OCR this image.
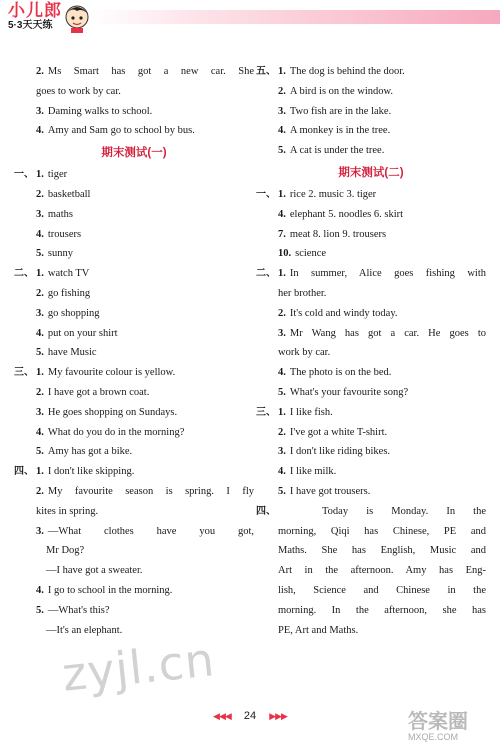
小儿郎
5·3天天练
2. Ms Smart has got a new car. She
goes to work by car.
3. Daming walks to school.
4. Amy and Sam go to school by bus.
期末测试(一)
一、 1. tiger
2. basketball
3. maths
4. trousers
5. sunny
二、 1. watch TV
2. go fishing
3. go shopping
4. put on your shirt
5. have Music
三、 1. My favourite colour is yellow.
2. I have got a brown coat.
3. He goes shopping on Sundays.
4. What do you do in the morning?
5. Amy has got a bike.
四、 1. I don't like skipping.
2. My favourite season is spring. I fly
kites in spring.
3. —What clothes have you got,
Mr Dog?
—I have got a sweater.
4. I go to school in the morning.
5. —What's this?
—It's an elephant.
五、 1. The dog is behind the door.
2. A bird is on the window.
3. Two fish are in the lake.
4. A monkey is in the tree.
5. A cat is under the tree.
期末测试(二)
一、 1. rice 2. music 3. tiger
4. elephant 5. noodles 6. skirt
7. meat 8. lion 9. trousers
10. science
二、 1. In summer, Alice goes fishing with
her brother.
2. It's cold and windy today.
3. Mr Wang has got a car. He goes to
work by car.
4. The photo is on the bed.
5. What's your favourite song?
三、 1. I like fish.
2. I've got a white T-shirt.
3. I don't like riding bikes.
4. I like milk.
5. I have got trousers.
四、	Today is Monday. In the
morning, Qiqi has Chinese, PE and
Maths. She has English, Music and
Art in the afternoon. Amy has Eng-
lish, Science and Chinese in the
morning. In the afternoon, she has
PE, Art and Maths.
zyjl.cn
答案圈
MXQE.COM
◀◀◀ 24 ▶▶▶
